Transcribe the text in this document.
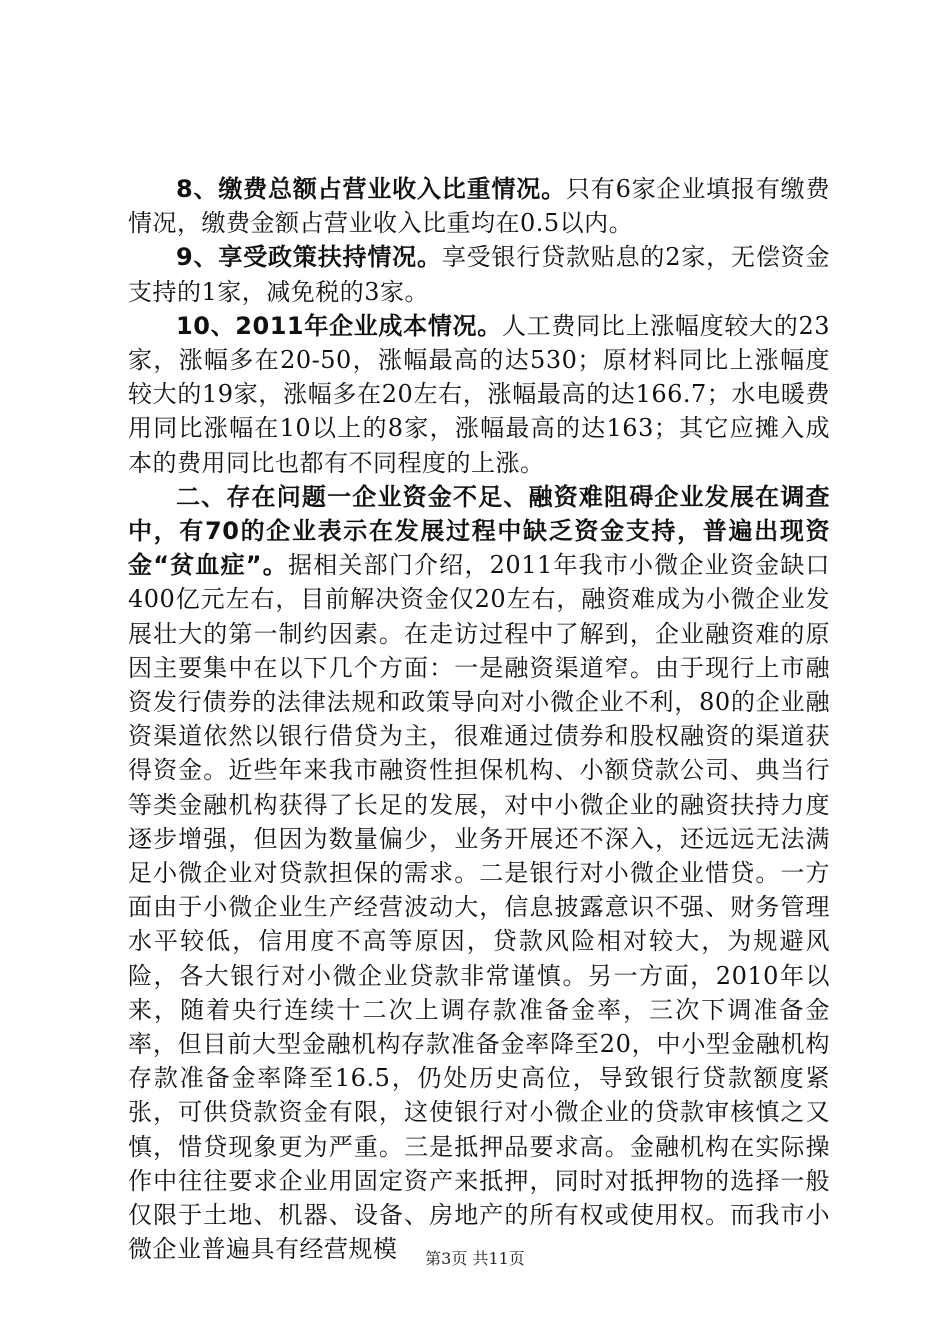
8、缴费总额占营业收入比重情况。只有6家企业填报有缴费情况，缴费金额占营业收入比重均在0.5以内。

9、享受政策扶持情况。享受银行贷款贴息的2家，无偿资金支持的1家，减免税的3家。

10、2011年企业成本情况。人工费同比上涨幅度较大的23家，涨幅多在20-50，涨幅最高的达530；原材料同比上涨幅度较大的19家，涨幅多在20左右，涨幅最高的达166.7；水电暖费用同比涨幅在10以上的8家，涨幅最高的达163；其它应摊入成本的费用同比也都有不同程度的上涨。

二、存在问题一企业资金不足、融资难阻碍企业发展在调查中，有70的企业表示在发展过程中缺乏资金支持，普遍出现资金“贫血症”。据相关部门介绍，2011年我市小微企业资金缺口400亿元左右，目前解决资金仅20左右，融资难成为小微企业发展壮大的第一制约因素。在走访过程中了解到，企业融资难的原因主要集中在以下几个方面：一是融资渠道窄。由于现行上市融资发行债券的法律法规和政策导向对小微企业不利，80的企业融资渠道依然以银行借贷为主，很难通过债券和股权融资的渠道获得资金。近些年来我市融资性担保机构、小额贷款公司、典当行等类金融机构获得了长足的发展，对中小微企业的融资扶持力度逐步增强，但因为数量偏少，业务开展还不深入，还远远无法满足小微企业对贷款担保的需求。二是银行对小微企业惜贷。一方面由于小微企业生产经营波动大，信息披露意识不强、财务管理水平较低，信用度不高等原因，贷款风险相对较大，为规避风险，各大银行对小微企业贷款非常谨慎。另一方面，2010年以来，随着央行连续十二次上调存款准备金率，三次下调准备金率，但目前大型金融机构存款准备金率降至20，中小型金融机构存款准备金率降至16.5，仍处历史高位，导致银行贷款额度紧张，可供贷款资金有限，这使银行对小微企业的贷款审核慎之又慎，惜贷现象更为严重。三是抵押品要求高。金融机构在实际操作中往往要求企业用固定资产来抵押，同时对抵押物的选择一般仅限于土地、机器、设备、房地产的所有权或使用权。而我市小微企业普遍具有经营规模	第3页 共11页
